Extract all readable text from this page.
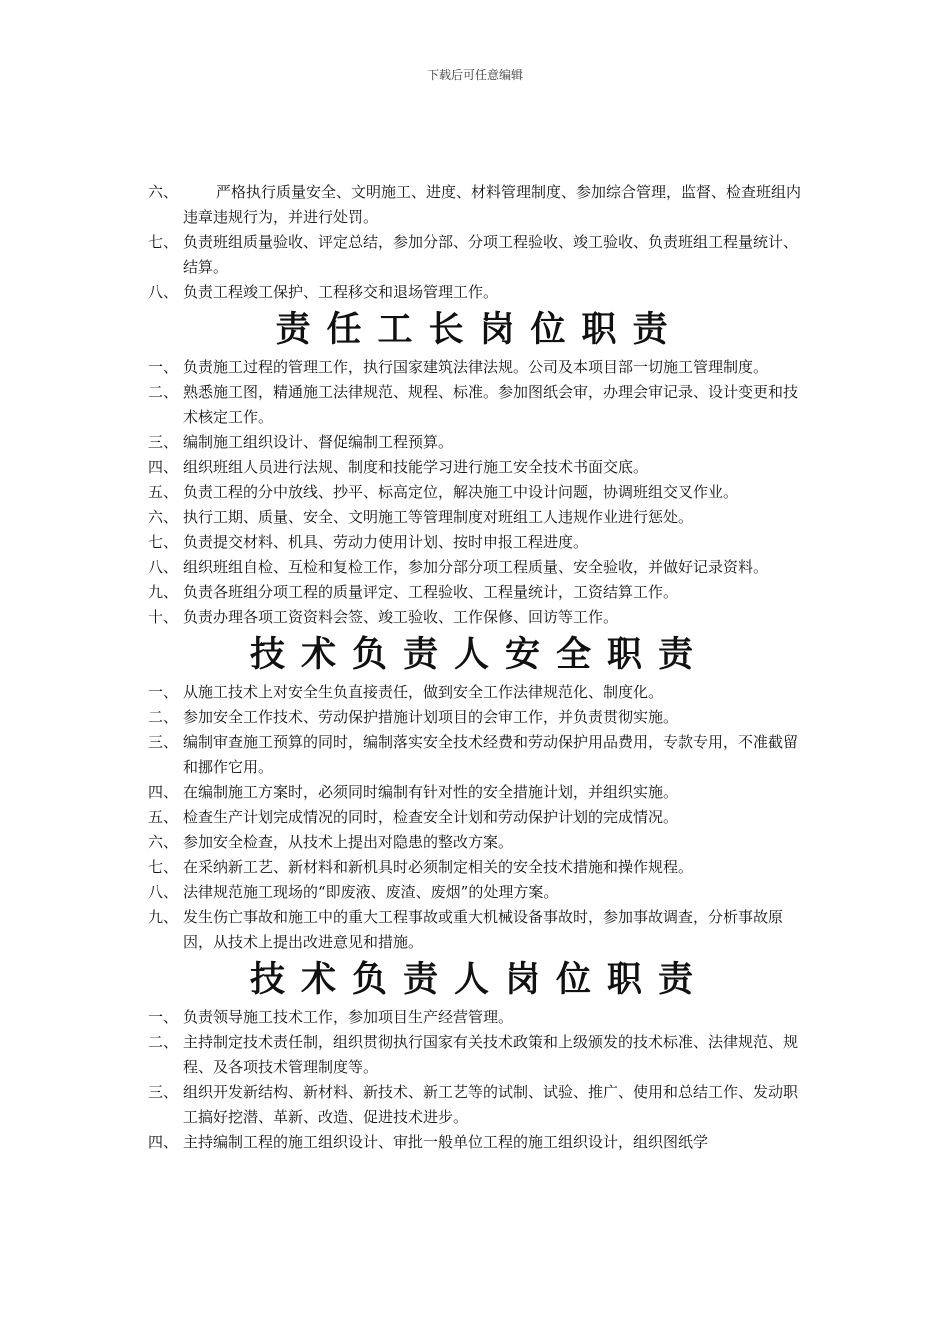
下载后可任意编辑

六、	严格执行质量安全、文明施工、进度、材料管理制度、参加综合管理，监督、检查班组内违章违规行为，并进行处罚。

七、 负责班组质量验收、评定总结，参加分部、分项工程验收、竣工验收、负责班组工程量统计、结算。

八、 负责工程竣工保护、工程移交和退场管理工作。

责任工长岗位职责

一、 负责施工过程的管理工作，执行国家建筑法律法规。公司及本项目部一切施工管理制度。

二、 熟悉施工图，精通施工法律规范、规程、标准。参加图纸会审，办理会审记录、设计变更和技术核定工作。

三、 编制施工组织设计、督促编制工程预算。

四、 组织班组人员进行法规、制度和技能学习进行施工安全技术书面交底。

五、 负责工程的分中放线、抄平、标高定位，解决施工中设计问题，协调班组交叉作业。

六、 执行工期、质量、安全、文明施工等管理制度对班组工人违规作业进行惩处。

七、 负责提交材料、机具、劳动力使用计划、按时申报工程进度。

八、 组织班组自检、互检和复检工作，参加分部分项工程质量、安全验收，并做好记录资料。

九、 负责各班组分项工程的质量评定、工程验收、工程量统计，工资结算工作。

十、 负责办理各项工资资料会签、竣工验收、工作保修、回访等工作。

技术负责人安全职责

一、 从施工技术上对安全生负直接责任，做到安全工作法律规范化、制度化。

二、 参加安全工作技术、劳动保护措施计划项目的会审工作，并负责贯彻实施。

三、 编制审查施工预算的同时，编制落实安全技术经费和劳动保护用品费用，专款专用，不准截留和挪作它用。

四、 在编制施工方案时，必须同时编制有针对性的安全措施计划，并组织实施。

五、 检查生产计划完成情况的同时，检查安全计划和劳动保护计划的完成情况。

六、 参加安全检查，从技术上提出对隐患的整改方案。

七、 在采纳新工艺、新材料和新机具时必须制定相关的安全技术措施和操作规程。

八、 法律规范施工现场的“即废液、废渣、废烟”的处理方案。

九、 发生伤亡事故和施工中的重大工程事故或重大机械设备事故时，参加事故调查，分析事故原因，从技术上提出改进意见和措施。

技术负责人岗位职责

一、 负责领导施工技术工作，参加项目生产经营管理。

二、 主持制定技术责任制，组织贯彻执行国家有关技术政策和上级颁发的技术标准、法律规范、规程、及各项技术管理制度等。

三、 组织开发新结构、新材料、新技术、新工艺等的试制、试验、推广、使用和总结工作、发动职工搞好挖潜、革新、改造、促进技术进步。

四、 主持编制工程的施工组织设计、审批一般单位工程的施工组织设计，组织图纸学
